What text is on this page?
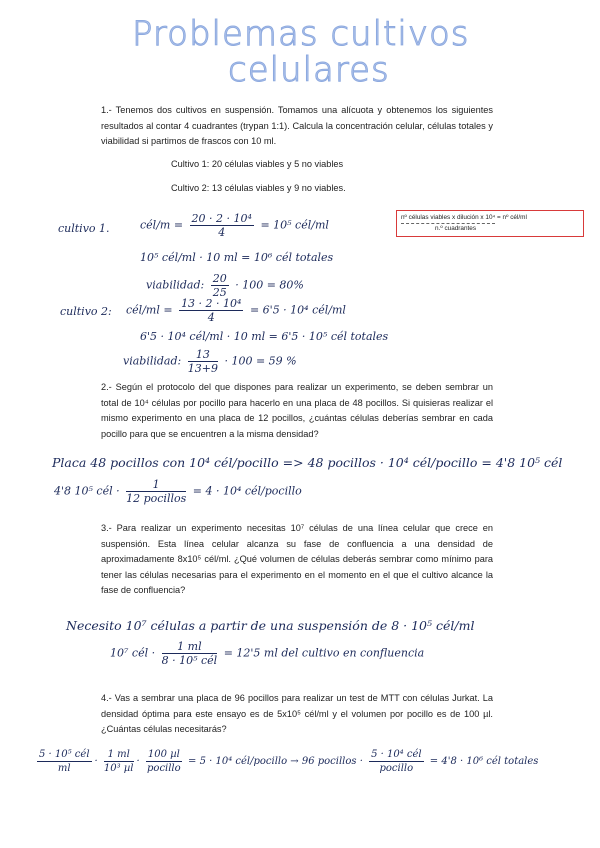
Problemas cultivos
celulares
1.- Tenemos dos cultivos en suspensión. Tomamos una alícuota y obtenemos los siguientes resultados al contar 4 cuadrantes (trypan 1:1). Calcula la concentración celular, células totales y viabilidad si partimos de frascos con 10 ml.
Cultivo 1: 20 células viables y 5 no viables
Cultivo 2: 13 células viables y 9 no viables.
nº células viables x dilución x 10⁴ = nº cél/ml
n.º cuadrantes
cultivo 1.	cél/m = $\frac{\text{20 · 2 · 10⁴}}{4} = 10^5$ cél/ml
10⁵ cél/ml · 10 ml = 10⁶ cél totales
viabilidad: $\frac{20}{25} \cdot 100 = 80\%$
cultivo 2: cél/ml = $\frac{\text{13 · 2 · 10⁴}}{4} = 6'5 \cdot 10^4$ cél/ml
6'5 · 10⁴ cél/ml · 10 ml = 6'5 · 10⁵ cél totales
viabilidad: $\frac{13}{13+9} \cdot 100 = 59$ %
2.- Según el protocolo del que dispones para realizar un experimento, se deben sembrar un total de 10⁴ células por pocillo para hacerlo en una placa de 48 pocillos. Si quisieras realizar el mismo experimento en una placa de 12 pocillos, ¿cuántas células deberías sembrar en cada pocillo para que se encuentren a la misma densidad?
Placa 48 pocillos con 10⁴ cél/pocillo => 48 pocillos · 10⁴ cél/pocillo = 4'8 10⁵ cél
4'8 10⁵ cél · $\frac{1}{\text{12 pocillos}} = 4 \cdot 10^4$ cél/pocillo
3.- Para realizar un experimento necesitas 10⁷ células de una línea celular que crece en suspensión. Esta línea celular alcanza su fase de confluencia a una densidad de aproximadamente 8x10⁵ cél/ml. ¿Qué volumen de células deberás sembrar como mínimo para tener las células necesarias para el experimento en el momento en el que el cultivo alcance la fase de confluencia?
Necesito 10⁷ células a partir de una suspensión de 8 · 10⁵ cél/ml
10⁷ cél · $\frac{1 ml}{\text{8 · 10⁵ cél}} = 12'5$ ml del cultivo en confluencia
4.- Vas a sembrar una placa de 96 pocillos para realizar un test de MTT con células Jurkat. La densidad óptima para este ensayo es de 5x10⁵ cél/ml y el volumen por pocillo es de 100 µl. ¿Cuántas células necesitarás?
$\frac{\text{5 · 10⁵ cél}}{ml} \cdot \frac{1 ml}{\text{10³ µl}} \cdot \frac{\text{100 µl}}{\text{pocillo}} = 5 \cdot 10^4$ cél/pocillo → 96 pocillos · $\frac{\text{5 · 10⁴ cél}}{\text{pocillo}} = 4'8 \cdot 10^6$ cél totales
